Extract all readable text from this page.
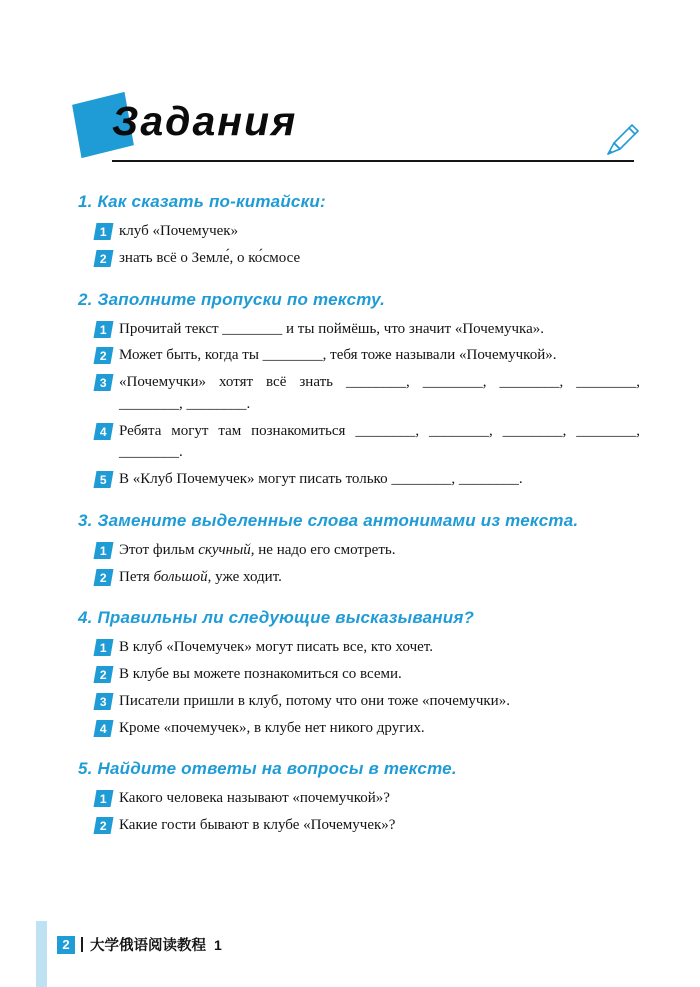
Задания
1. Как сказать по-китайски:
1 клуб «Почемучек»
2 знать всё о Земле́, о ко́смосе
2. Заполните пропуски по тексту.
1 Прочитай текст ________ и ты поймёшь, что значит «Почемучка».
2 Может быть, когда ты ________, тебя тоже называли «Почемучкой».
3 «Почемучки» хотят всё знать ________, ________, ________, ________, ________, ________.
4 Ребята могут там познакомиться ________, ________, ________, ________, ________.
5 В «Клуб Почемучек» могут писать только ________, ________.
3. Замените выделенные слова антонимами из текста.
1 Этот фильм скучный, не надо его смотреть.
2 Петя большой, уже ходит.
4. Правильны ли следующие высказывания?
1 В клуб «Почемучек» могут писать все, кто хочет.
2 В клубе вы можете познакомиться со всеми.
3 Писатели пришли в клуб, потому что они тоже «почемучки».
4 Кроме «почемучек», в клубе нет никого других.
5. Найдите ответы на вопросы в тексте.
1 Какого человека называют «почемучкой»?
2 Какие гости бывают в клубе «Почемучек»?
2	大学俄语阅读教程 1
